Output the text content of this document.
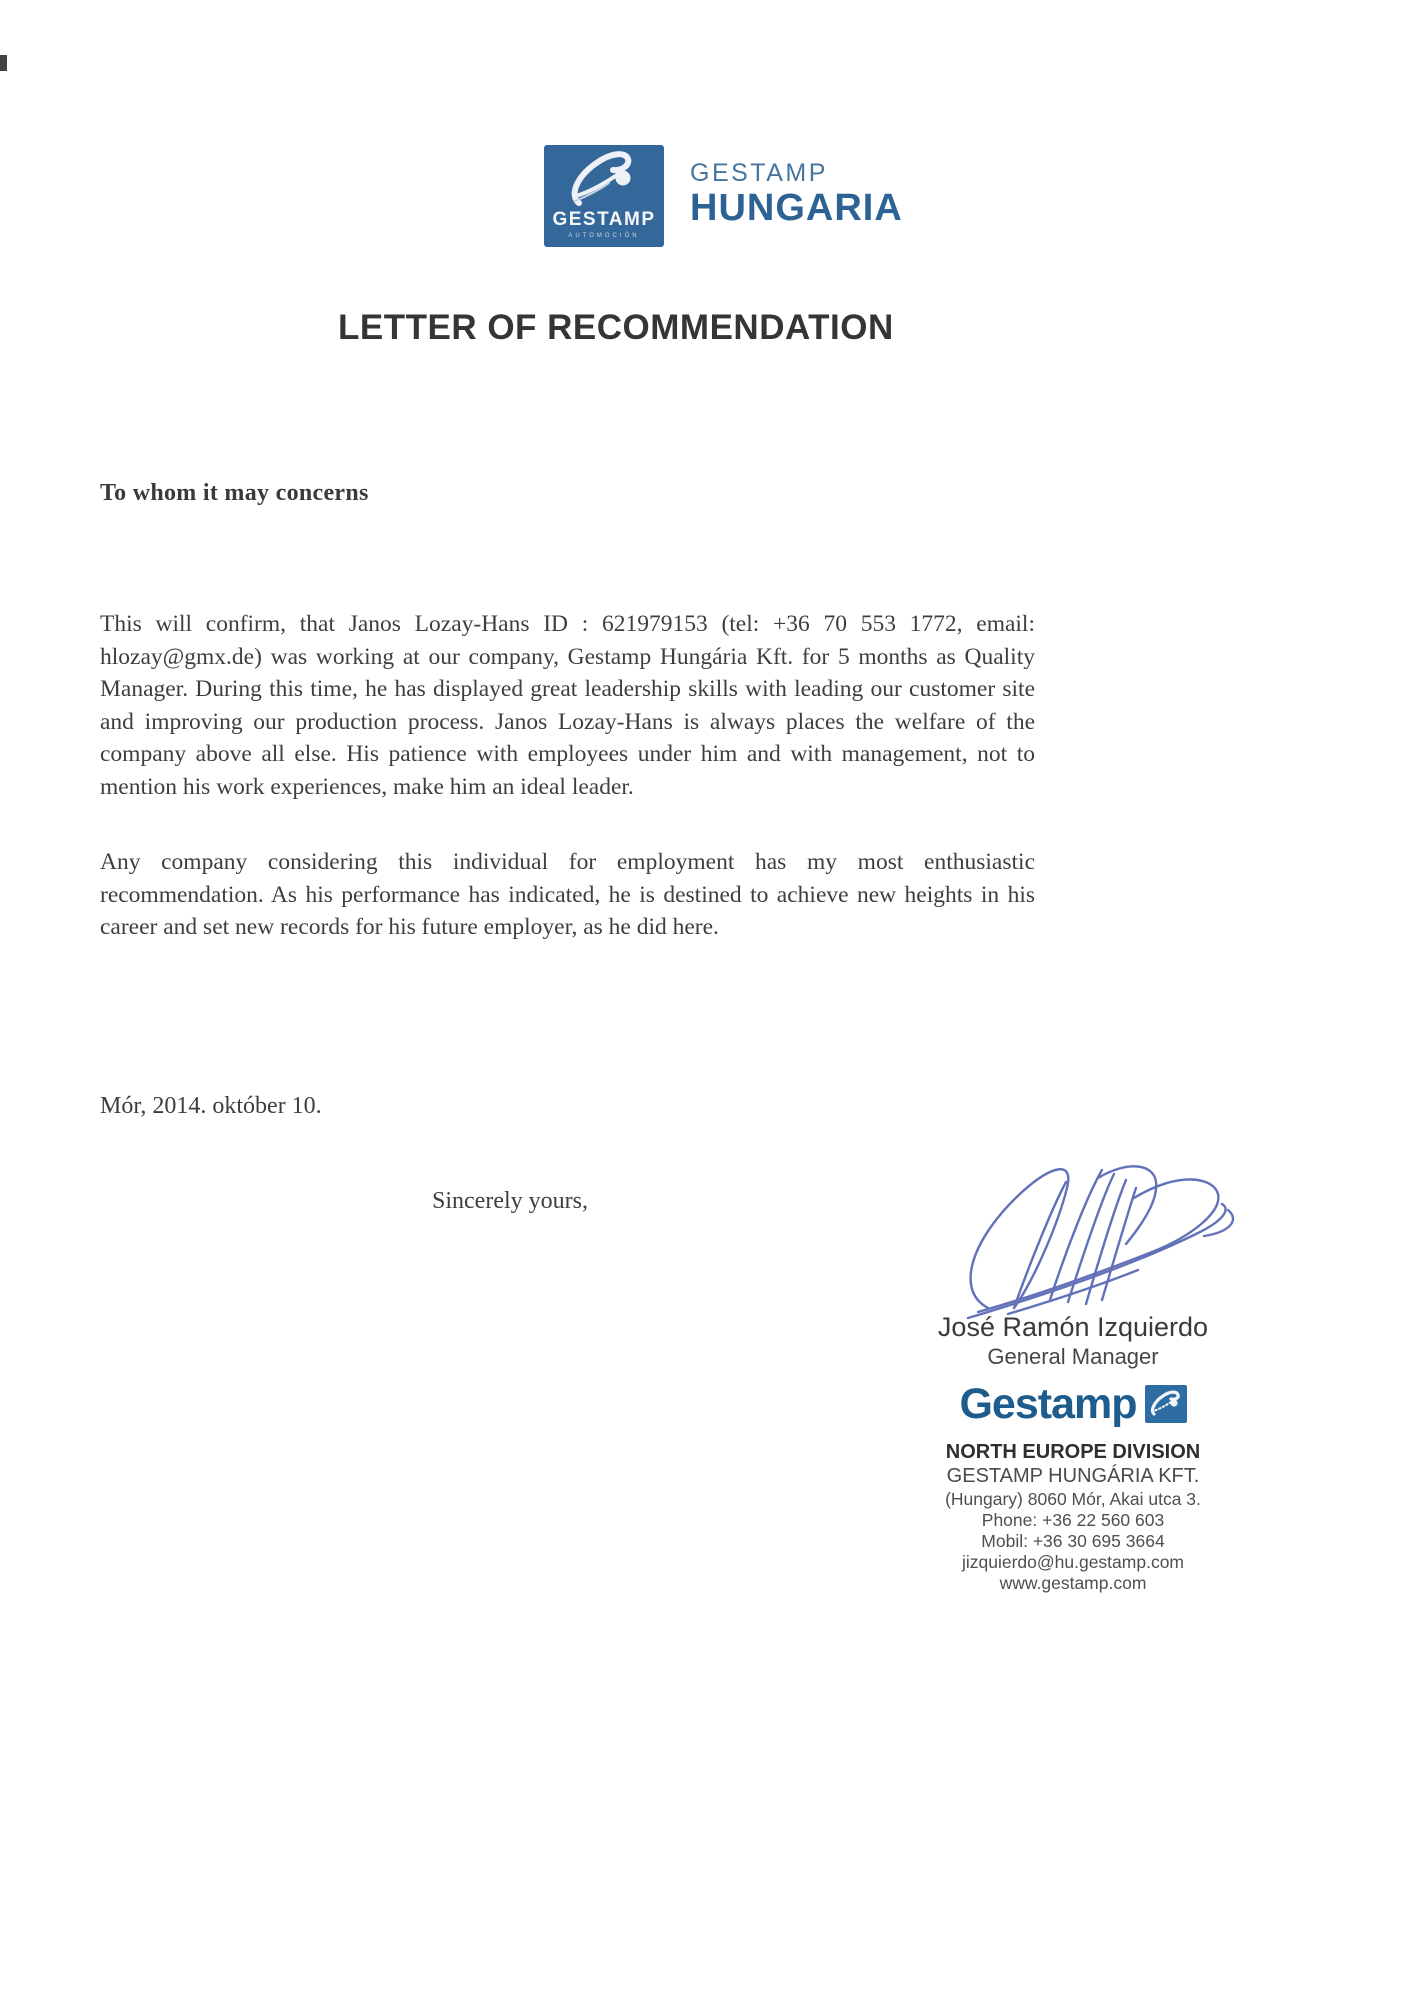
GESTAMP
AUTOMOCIÓN
GESTAMP
HUNGARIA
LETTER OF RECOMMENDATION
To whom it may concerns

This will confirm, that Janos Lozay-Hans ID : 621979153 (tel: +36 70 553 1772, email: hlozay@gmx.de) was working at our company, Gestamp Hungária Kft. for 5 months as Quality Manager. During this time, he has displayed great leadership skills with leading our customer site and improving our production process. Janos Lozay-Hans is always places the welfare of the company above all else. His patience with employees under him and with management, not to mention his work experiences, make him an ideal leader.

Any company considering this individual for employment has my most enthusiastic recommendation. As his performance has indicated, he is destined to achieve new heights in his career and set new records for his future employer, as he did here.

Mór, 2014. október 10.
Sincerely yours,
José Ramón Izquierdo
General Manager
Gestamp
NORTH EUROPE DIVISION
GESTAMP HUNGÁRIA KFT.
(Hungary) 8060 Mór, Akai utca 3.
Phone: +36 22 560 603
Mobil: +36 30 695 3664
jizquierdo@hu.gestamp.com
www.gestamp.com
